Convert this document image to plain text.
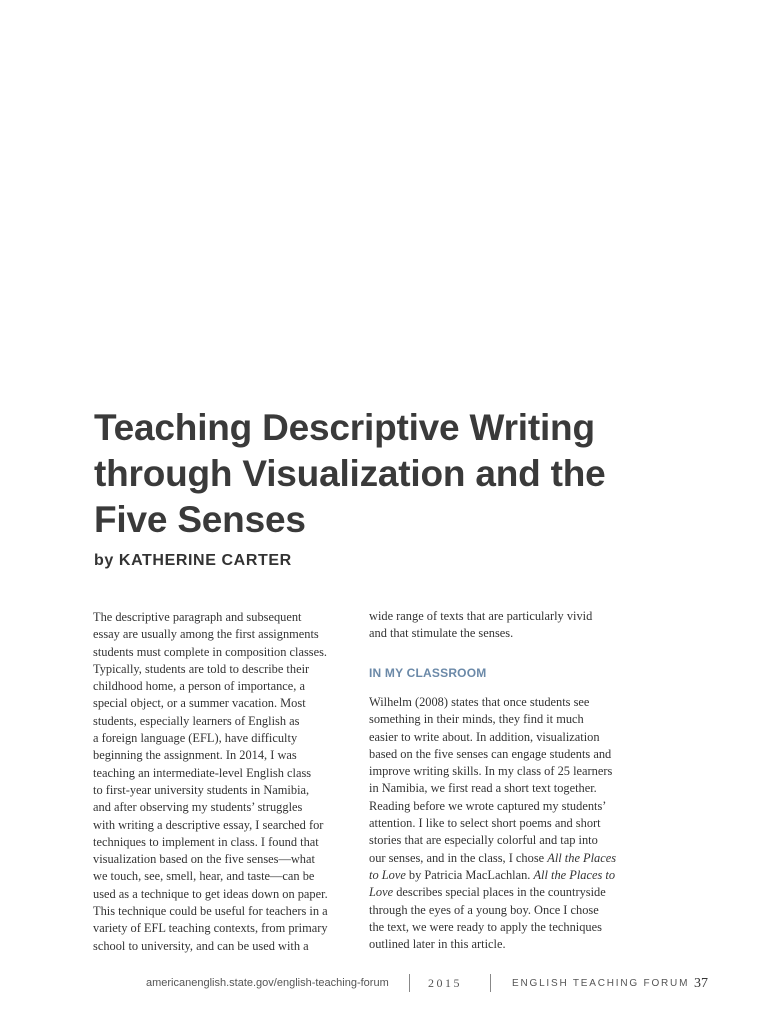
Teaching Descriptive Writing
through Visualization and the
Five Senses
by KATHERINE CARTER
The descriptive paragraph and subsequent
essay are usually among the first assignments
students must complete in composition classes.
Typically, students are told to describe their
childhood home, a person of importance, a
special object, or a summer vacation. Most
students, especially learners of English as
a foreign language (EFL), have difficulty
beginning the assignment. In 2014, I was
teaching an intermediate-level English class
to first-year university students in Namibia,
and after observing my students’ struggles
with writing a descriptive essay, I searched for
techniques to implement in class. I found that
visualization based on the five senses—what
we touch, see, smell, hear, and taste—can be
used as a technique to get ideas down on paper.
This technique could be useful for teachers in a
variety of EFL teaching contexts, from primary
school to university, and can be used with a
wide range of texts that are particularly vivid
and that stimulate the senses.
IN MY CLASSROOM
Wilhelm (2008) states that once students see
something in their minds, they find it much
easier to write about. In addition, visualization
based on the five senses can engage students and
improve writing skills. In my class of 25 learners
in Namibia, we first read a short text together.
Reading before we wrote captured my students’
attention. I like to select short poems and short
stories that are especially colorful and tap into
our senses, and in the class, I chose All the Places
to Love by Patricia MacLachlan. All the Places to
Love describes special places in the countryside
through the eyes of a young boy. Once I chose
the text, we were ready to apply the techniques
outlined later in this article.
americanenglish.state.gov/english-teaching-forum	2015	ENGLISH TEACHING FORUM 37
